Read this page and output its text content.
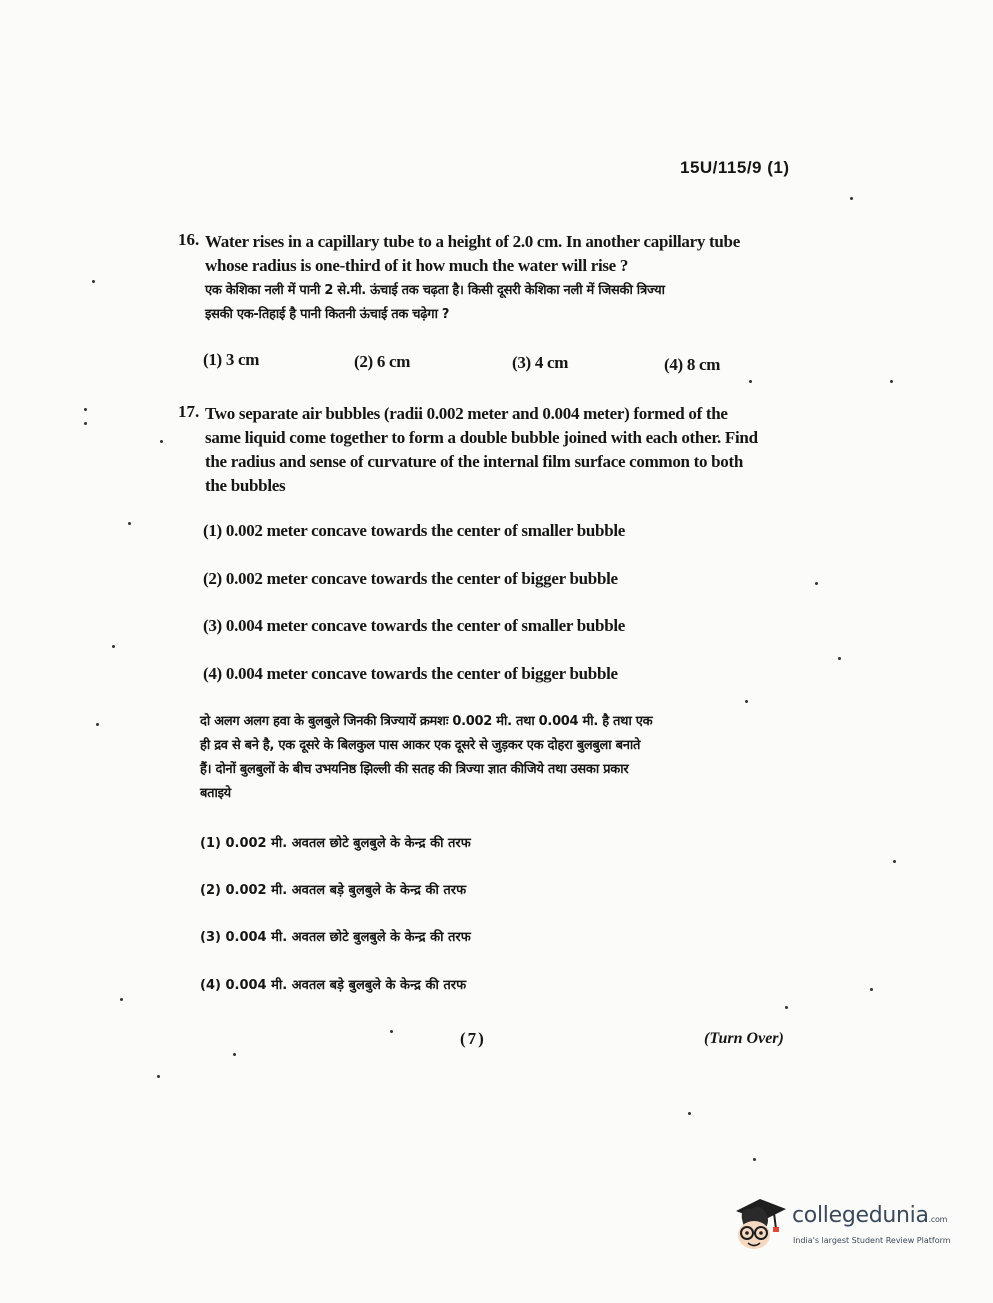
15U/115/9 (1)
16. Water rises in a capillary tube to a height of 2.0 cm. In another capillary tube
whose radius is one-third of it how much the water will rise ?
एक केशिका नली में पानी 2 से.मी. ऊंचाई तक चढ़ता है। किसी दूसरी केशिका नली में जिसकी त्रिज्या
इसकी एक-तिहाई है पानी कितनी ऊंचाई तक चढ़ेगा ?
(1) 3 cm	(2) 6 cm	(3) 4 cm	(4) 8 cm
17. Two separate air bubbles (radii 0.002 meter and 0.004 meter) formed of the
same liquid come together to form a double bubble joined with each other. Find
the radius and sense of curvature of the internal film surface common to both
the bubbles
(1) 0.002 meter concave towards the center of smaller bubble
(2) 0.002 meter concave towards the center of bigger bubble
(3) 0.004 meter concave towards the center of smaller bubble
(4) 0.004 meter concave towards the center of bigger bubble
दो अलग अलग हवा के बुलबुले जिनकी त्रिज्यायें क्रमशः 0.002 मी. तथा 0.004 मी. है तथा एक
ही द्रव से बने है, एक दूसरे के बिलकुल पास आकर एक दूसरे से जुड़कर एक दोहरा बुलबुला बनाते
हैं। दोनों बुलबुलों के बीच उभयनिष्ठ झिल्ली की सतह की त्रिज्या ज्ञात कीजिये तथा उसका प्रकार
बताइये
(1) 0.002 मी. अवतल छोटे बुलबुले के केन्द्र की तरफ
(2) 0.002 मी. अवतल बड़े बुलबुले के केन्द्र की तरफ
(3) 0.004 मी. अवतल छोटे बुलबुले के केन्द्र की तरफ
(4) 0.004 मी. अवतल बड़े बुलबुले के केन्द्र की तरफ
(7)	(Turn Over)
collegedunia.com
India's largest Student Review Platform
